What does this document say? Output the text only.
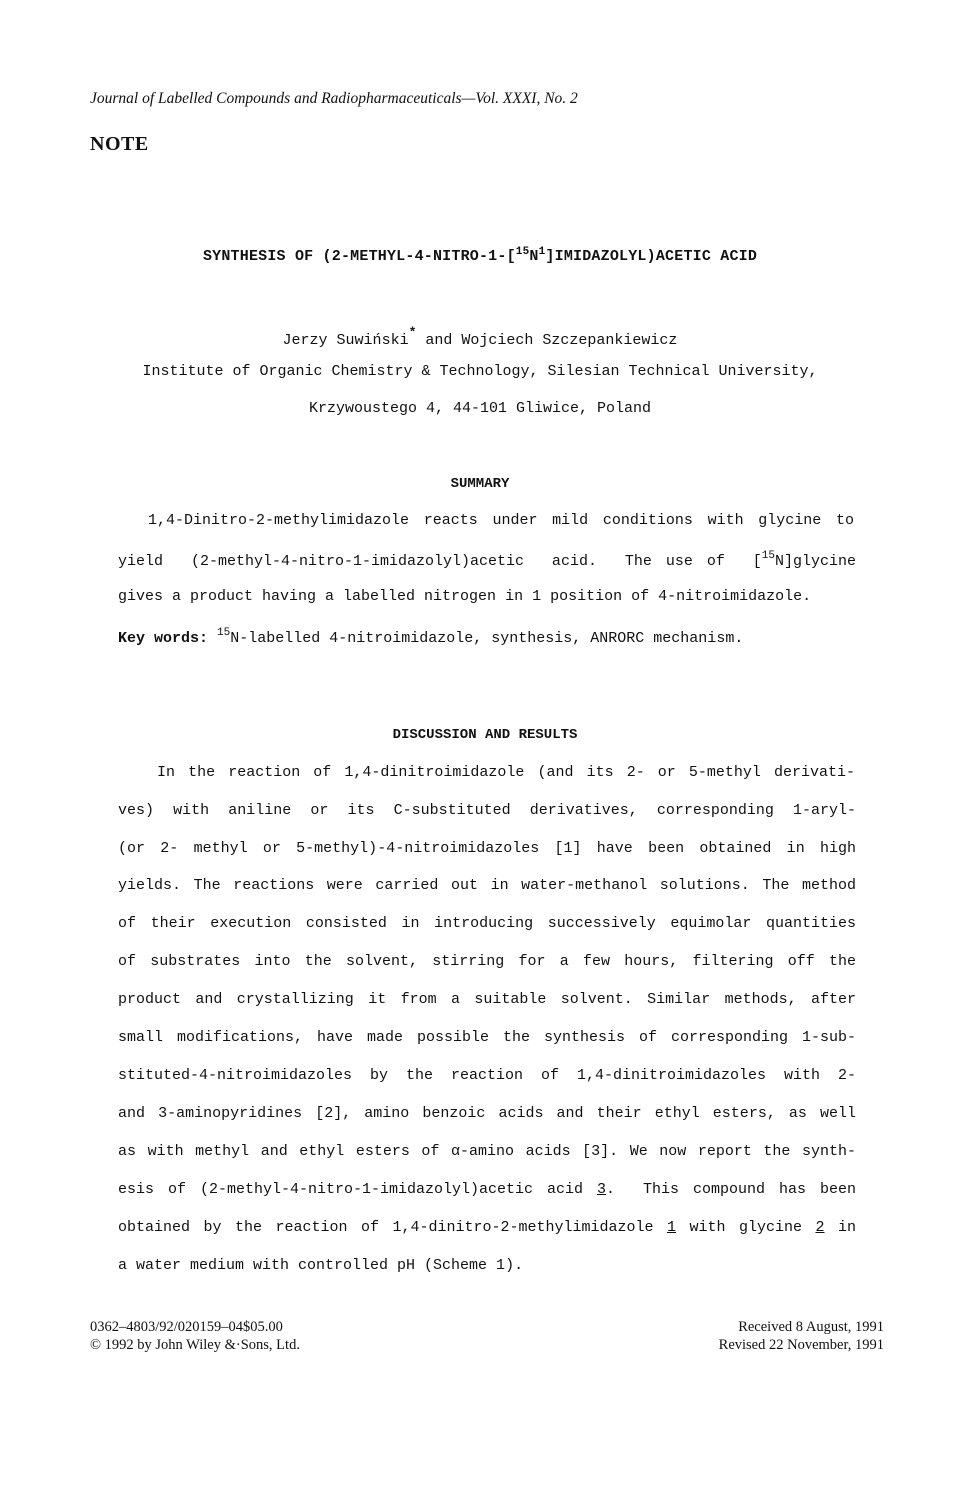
Journal of Labelled Compounds and Radiopharmaceuticals—Vol. XXXI, No. 2
NOTE
SYNTHESIS OF $(2-METHYL-4-NITRO-1-[^{15}N^1]IMIDAZOLYL)ACETIC$ ACID
Jerzy Suwiński* and Wojciech Szczepankiewicz
Institute of Organic Chemistry & Technology, Silesian Technical University,
Krzywoustego 4, 44-101 Gliwice, Poland
SUMMARY
1,4-Dinitro-2-methylimidazole reacts under mild conditions with glycine to
yield  (2-methyl-4-nitro-1-imidazolyl)acetic  acid.  The use of  [$^{15}$N]glycine
gives a product having a labelled nitrogen in 1 position of 4-nitroimidazole.
Key words: $^{15}$N-labelled 4-nitroimidazole, synthesis, ANRORC mechanism.
DISCUSSION AND RESULTS
In the reaction of 1,4-dinitroimidazole (and its 2- or 5-methyl derivati-
ves) with aniline or its C-substituted derivatives, corresponding 1-aryl-
(or 2- methyl or 5-methyl)-4-nitroimidazoles [1] have been obtained in high
yields. The reactions were carried out in water-methanol solutions. The method
of their execution consisted in introducing successively equimolar quantities
of substrates into the solvent, stirring for a few hours, filtering off the
product and crystallizing it from a suitable solvent. Similar methods, after
small modifications, have made possible the synthesis of corresponding 1-sub-
stituted-4-nitroimidazoles by the reaction of 1,4-dinitroimidazoles with 2-
and 3-aminopyridines [2], amino benzoic acids and their ethyl esters, as well
as with methyl and ethyl esters of α-amino acids [3]. We now report the synth-
esis of (2-methyl-4-nitro-1-imidazolyl)acetic acid 3.  This compound has been
obtained by the reaction of 1,4-dinitro-2-methylimidazole 1 with glycine 2 in
a water medium with controlled pH (Scheme 1).
0362–4803/92/020159–04$05.00
© 1992 by John Wiley &·Sons, Ltd.
Received 8 August, 1991
Revised 22 November, 1991
